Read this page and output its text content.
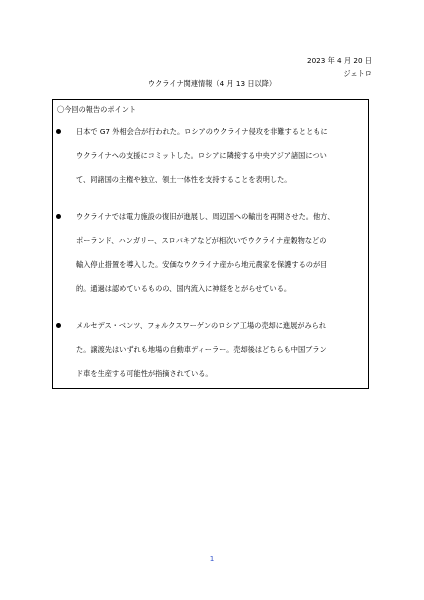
2023 年 4 月 20 日
ジェトロ
ウクライナ関連情報（4 月 13 日以降）
〇今回の報告のポイント
日本で G7 外相会合が行われた。ロシアのウクライナ侵攻を非難するとともに
ウクライナへの支援にコミットした。ロシアに隣接する中央アジア諸国につい
て、同諸国の主権や独立、領土一体性を支持することを表明した。
ウクライナでは電力施設の復旧が進展し、周辺国への輸出を再開させた。他方、
ポーランド、ハンガリー、スロバキアなどが相次いでウクライナ産穀物などの
輸入停止措置を導入した。安価なウクライナ産から地元農家を保護するのが目
的。通過は認めているものの、国内流入に神経をとがらせている。
メルセデス・ベンツ、フォルクスワーゲンのロシア工場の売却に進展がみられ
た。譲渡先はいずれも地場の自動車ディーラー。売却後はどちらも中国ブラン
ド車を生産する可能性が指摘されている。
1
